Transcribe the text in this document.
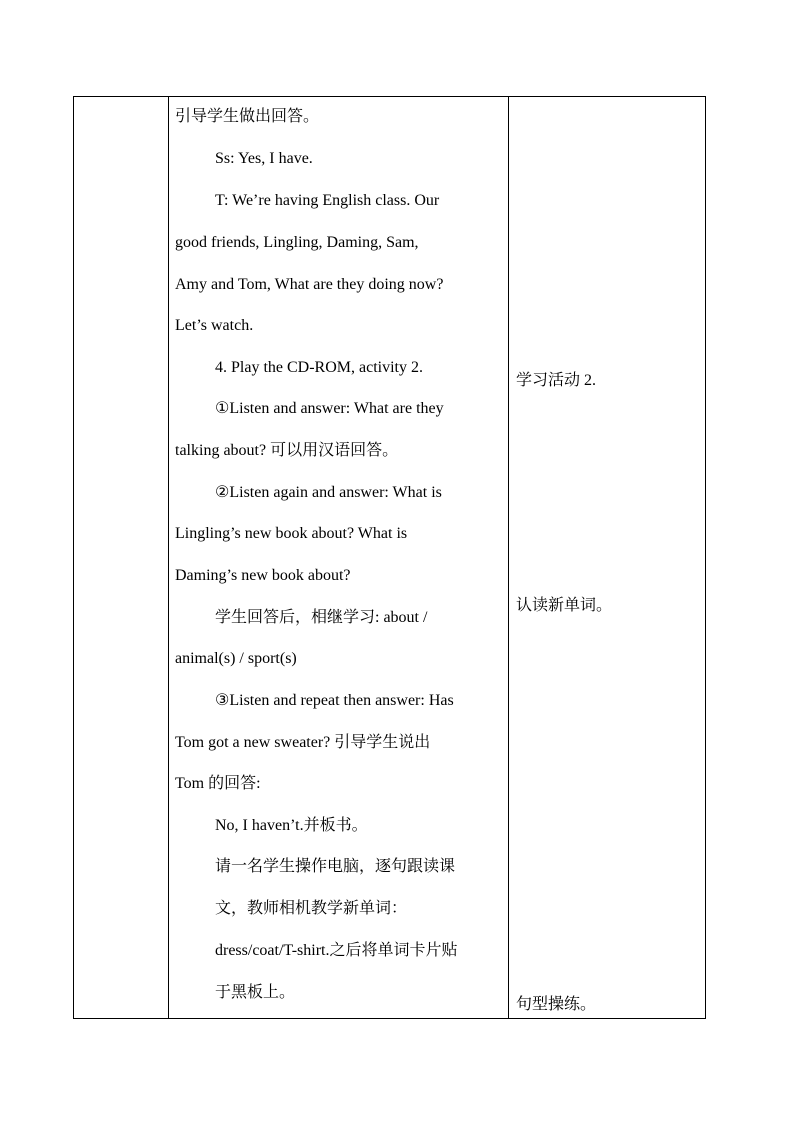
引导学生做出回答。
Ss: Yes, I have.
T: We’re having English class. Our
good friends, Lingling, Daming, Sam,
Amy and Tom, What are they doing now?
Let’s watch.
4. Play the CD-ROM, activity 2.
①Listen and answer: What are they
talking about? 可以用汉语回答。
②Listen again and answer: What is
Lingling’s new book about? What is
Daming’s new book about?
学生回答后，相继学习: about /
animal(s) / sport(s)
③Listen and repeat then answer: Has
Tom got a new sweater? 引导学生说出
Tom 的回答:
No, I haven’t.并板书。
请一名学生操作电脑，逐句跟读课
文，教师相机教学新单词：
dress/coat/T-shirt.之后将单词卡片贴
于黑板上。
学习活动 2.
认读新单词。
句型操练。
